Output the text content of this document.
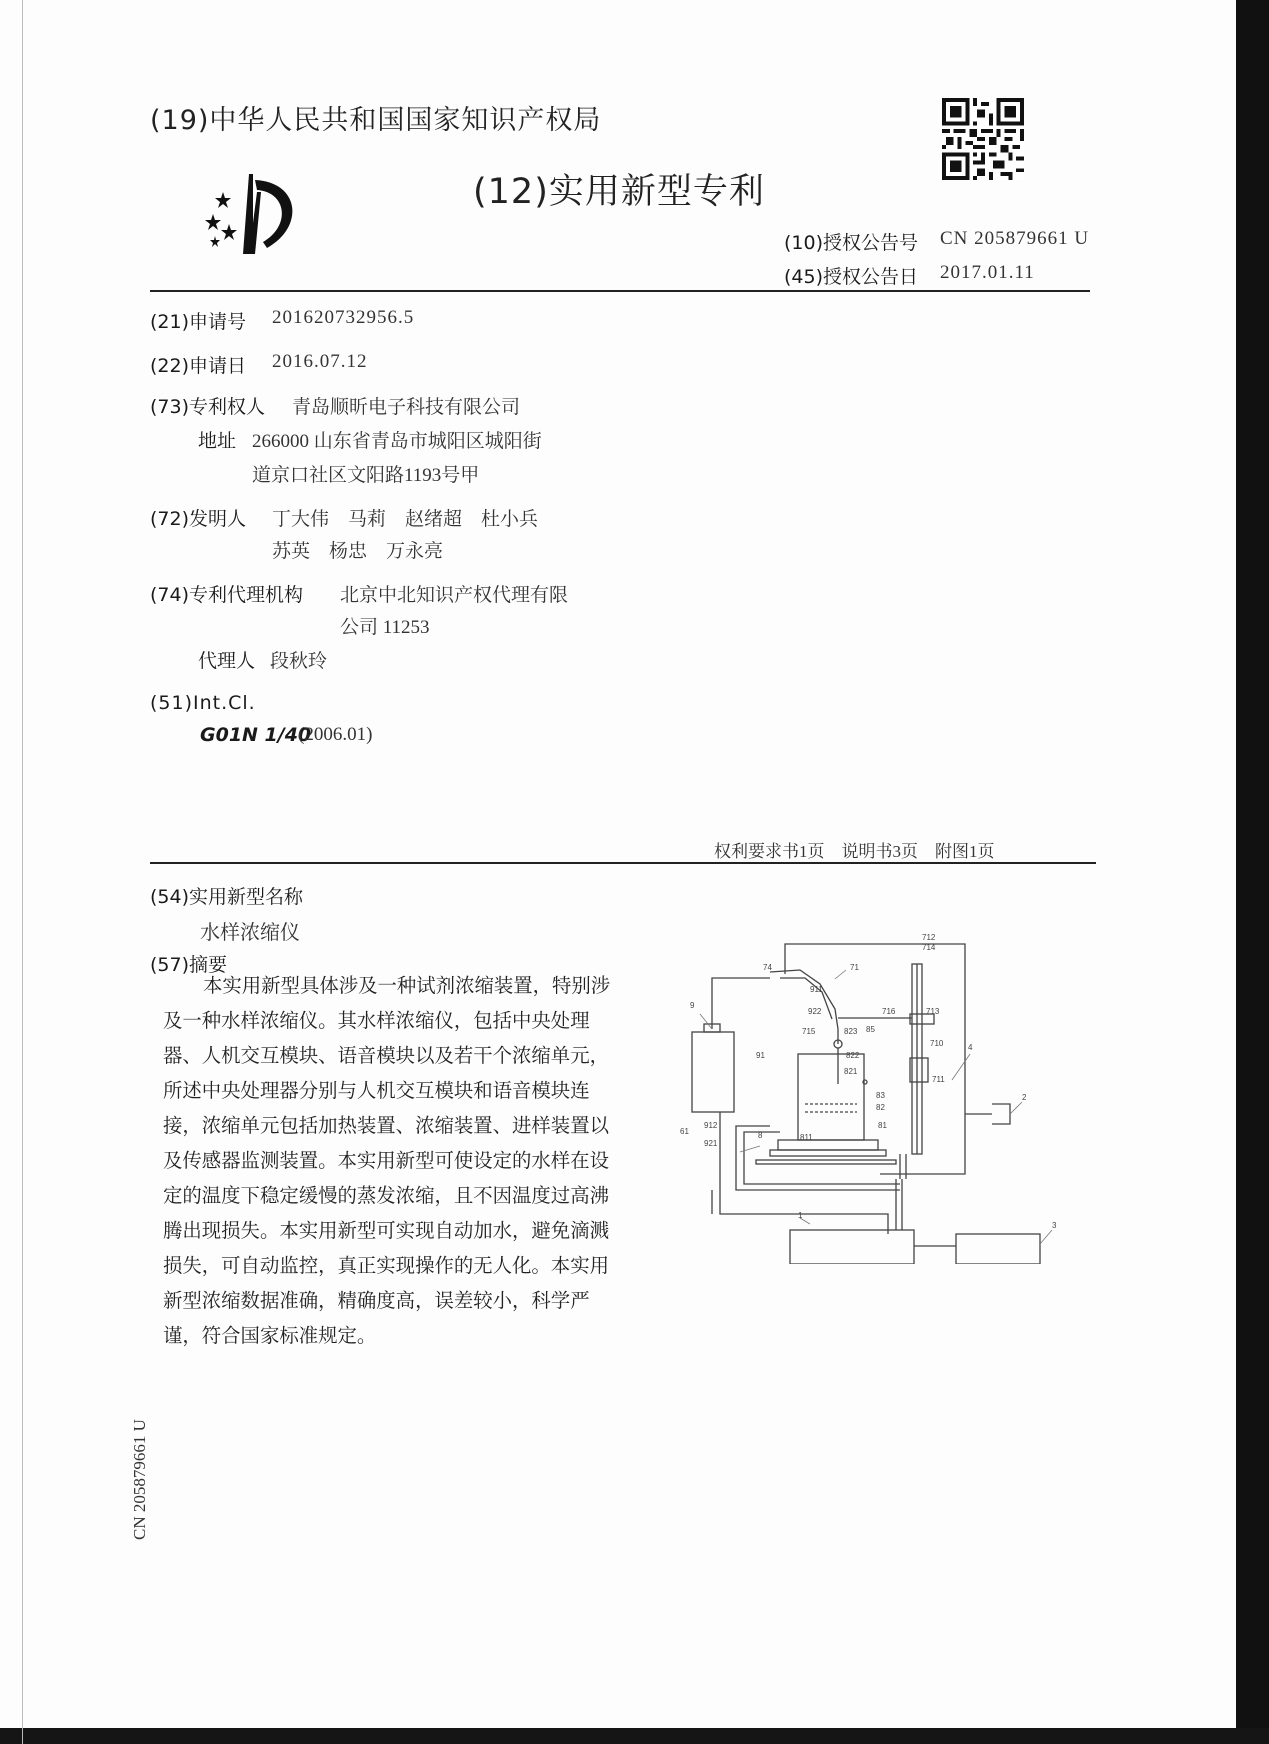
(19)中华人民共和国国家知识产权局
(12)实用新型专利
(10)授权公告号 CN 205879661 U
(45)授权公告日 2017.01.11
(21)申请号 201620732956.5
(22)申请日 2016.07.12
(73)专利权人 青岛顺昕电子科技有限公司
地址 266000 山东省青岛市城阳区城阳街
道京口社区文阳路1193号甲
(72)发明人 丁大伟　马莉　赵绪超　杜小兵
苏英　杨忠　万永亮
(74)专利代理机构 北京中北知识产权代理有限
公司 11253
代理人 段秋玲
(51)Int.Cl.
G01N 1/40
(2006.01)
权利要求书1页　说明书3页　附图1页
(54)实用新型名称
水样浓缩仪
(57)摘要
本实用新型具体涉及一种试剂浓缩装置，特别涉及一种水样浓缩仪。其水样浓缩仪，包括中央处理器、人机交互模块、语音模块以及若干个浓缩单元，所述中央处理器分别与人机交互模块和语音模块连接，浓缩单元包括加热装置、浓缩装置、进样装置以及传感器监测装置。本实用新型可使设定的水样在设定的温度下稳定缓慢的蒸发浓缩，且不因温度过高沸腾出现损失。本实用新型可实现自动加水，避免滴溅损失，可自动监控，真正实现操作的无人化。本实用新型浓缩数据准确，精确度高，误差较小，科学严谨，符合国家标准规定。
CN 205879661 U
712
714
71
911
74
716	713
922
715	823 85
710
9
4
91	822
821
711
83
82
2
912
61
921
8	811
81
1
3
